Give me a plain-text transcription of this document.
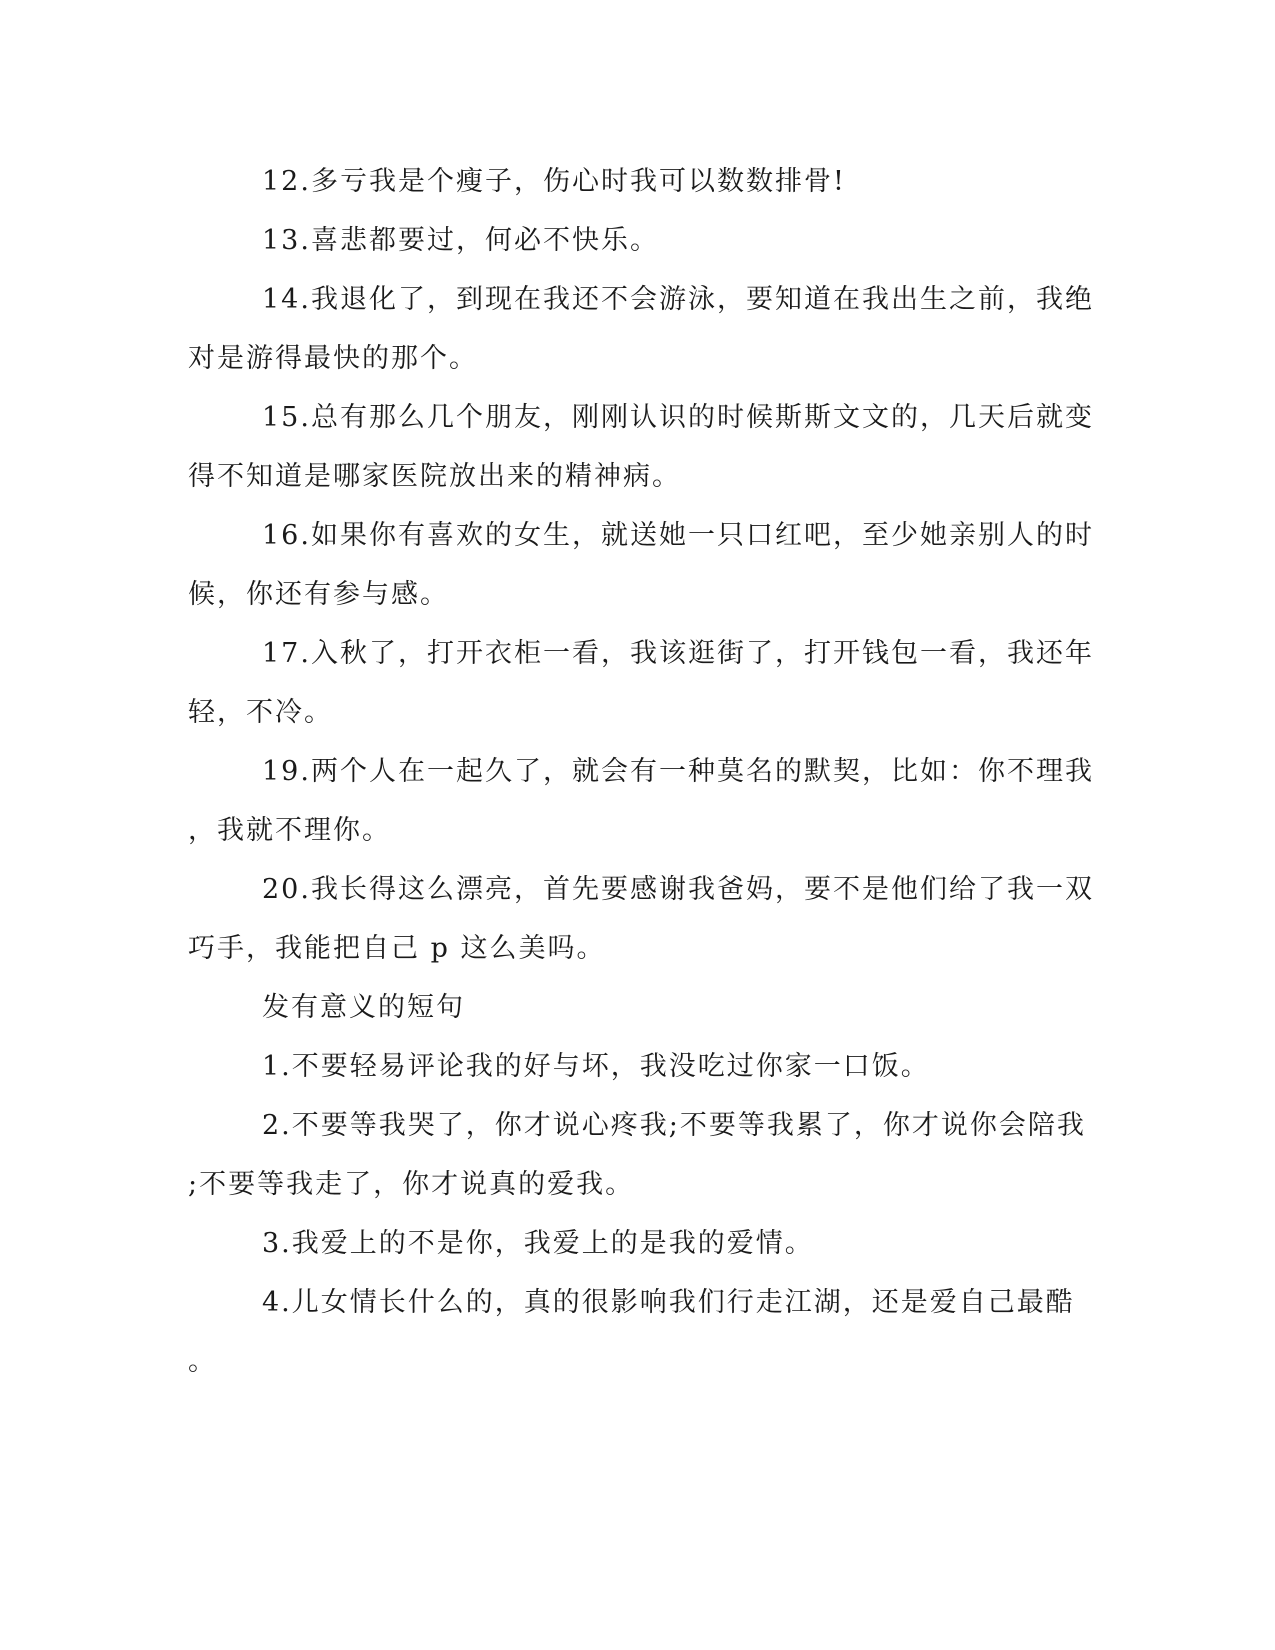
12.多亏我是个瘦子，伤心时我可以数数排骨!
13.喜悲都要过，何必不快乐。
14.我退化了，到现在我还不会游泳，要知道在我出生之前，我绝
对是游得最快的那个。
15.总有那么几个朋友，刚刚认识的时候斯斯文文的，几天后就变
得不知道是哪家医院放出来的精神病。
16.如果你有喜欢的女生，就送她一只口红吧，至少她亲别人的时
候，你还有参与感。
17.入秋了，打开衣柜一看，我该逛街了，打开钱包一看，我还年
轻，不冷。
19.两个人在一起久了，就会有一种莫名的默契，比如：你不理我
，我就不理你。
20.我长得这么漂亮，首先要感谢我爸妈，要不是他们给了我一双
巧手，我能把自己 p 这么美吗。
发有意义的短句
1.不要轻易评论我的好与坏，我没吃过你家一口饭。
2.不要等我哭了，你才说心疼我;不要等我累了，你才说你会陪我
;不要等我走了，你才说真的爱我。
3.我爱上的不是你，我爱上的是我的爱情。
4.儿女情长什么的，真的很影响我们行走江湖，还是爱自己最酷
。
